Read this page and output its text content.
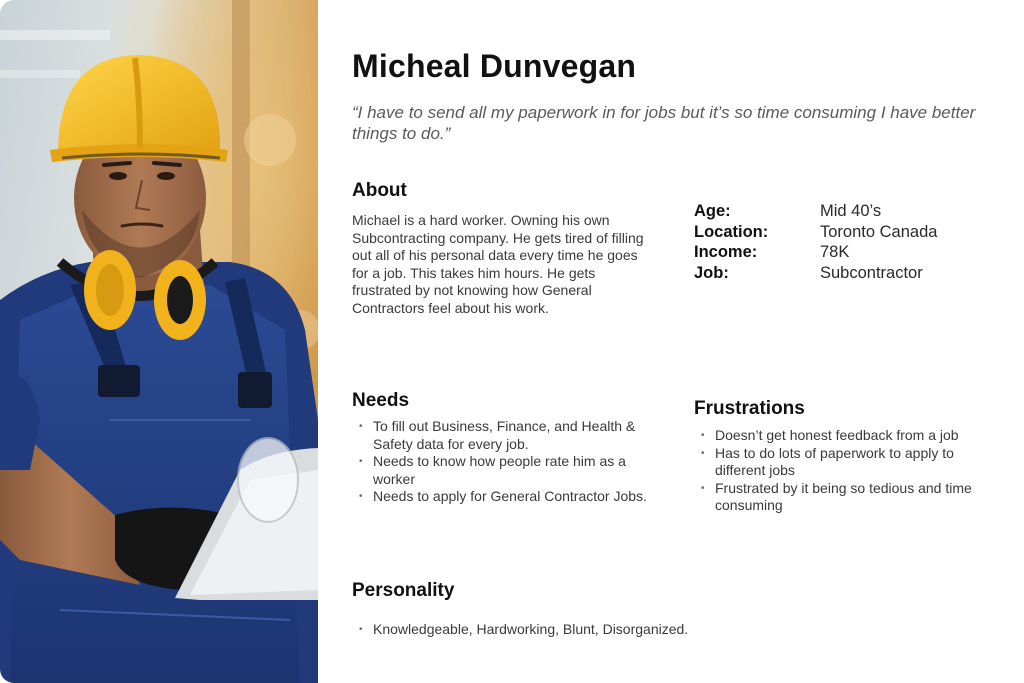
Micheal Dunvegan

“I have to send all my paperwork in for jobs but it’s so time consuming I have better things to do.”

About

Michael is a hard worker. Owning his own Subcontracting company. He gets tired of filling out all of his personal data every time he goes for a job. This takes him hours. He gets frustrated by not knowing how General Contractors feel about his work.

Age:	Mid 40’s
Location:	Toronto Canada
Income:	78K
Job:	Subcontractor
Needs
• To fill out Business, Finance, and Health & Safety data for every job.
• Needs to know how people rate him as a worker
• Needs to apply for General Contractor Jobs.
Frustrations
• Doesn’t get honest feedback from a job
• Has to do lots of paperwork to apply to different jobs
• Frustrated by it being so tedious and time consuming
Personality
• Knowledgeable, Hardworking, Blunt, Disorganized.
